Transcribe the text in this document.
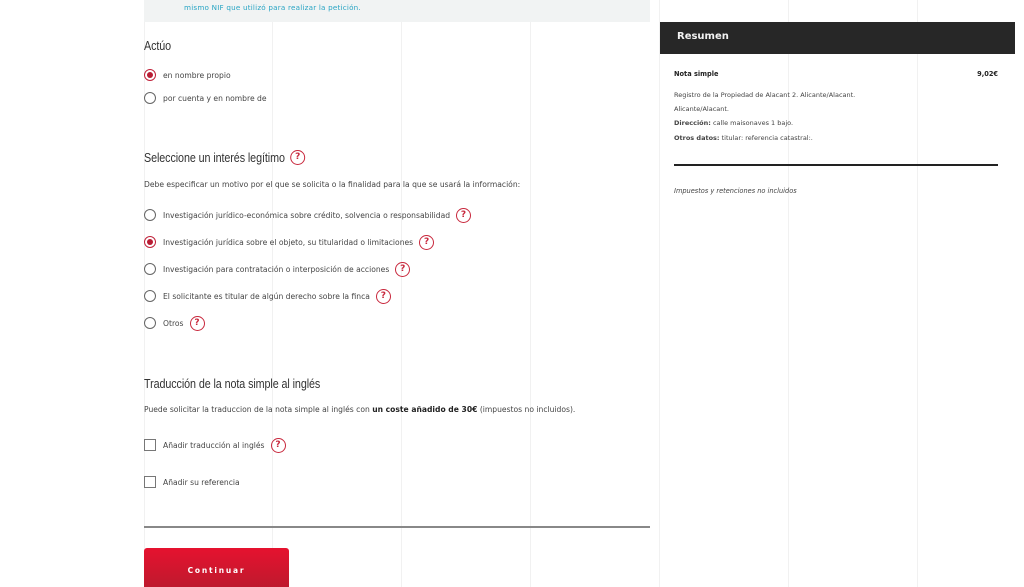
mismo NIF que utilizó para realizar la petición.
Actúo
en nombre propio
por cuenta y en nombre de
Seleccione un interés legítimo	?
Debe especificar un motivo por el que se solicita o la finalidad para la que se usará la información:
Investigación jurídico-económica sobre crédito, solvencia o responsabilidad	?
Investigación jurídica sobre el objeto, su titularidad o limitaciones	?
Investigación para contratación o interposición de acciones	?
El solicitante es titular de algún derecho sobre la finca	?
Otros	?
Traducción de la nota simple al inglés
Puede solicitar la traduccion de la nota simple al inglés con un coste añadido de 30€ (impuestos no incluidos).
Añadir traducción al inglés	?
Añadir su referencia
Continuar
Resumen
Nota simple	9,02€
Registro de la Propiedad de Alacant 2. Alicante/Alacant.
Alicante/Alacant.
Dirección: calle maisonaves 1 bajo.
Otros datos: titular: referencia catastral:.
Impuestos y retenciones no incluidos
